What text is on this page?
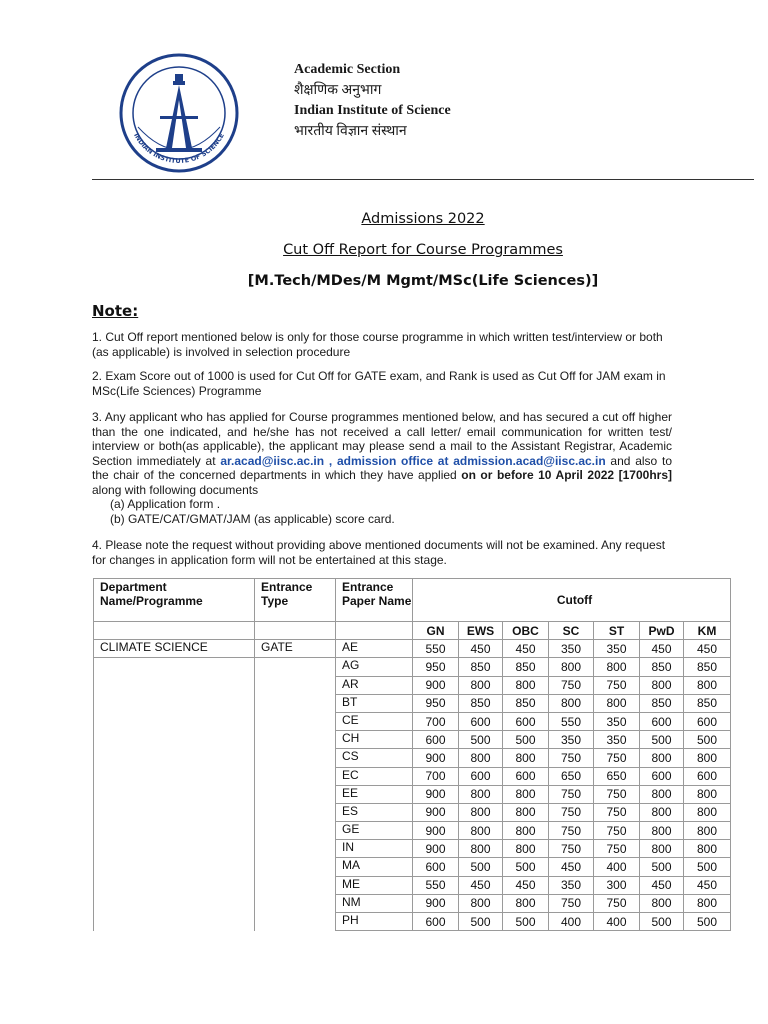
INDIAN INSTITUTE OF SCIENCE
Academic Section
शैक्षणिक अनुभाग
Indian Institute of Science
भारतीय विज्ञान संस्थान
Admissions 2022
Cut Off Report for Course Programmes
[M.Tech/MDes/M Mgmt/MSc(Life Sciences)]
Note:
1. Cut Off report mentioned below is only for those course programme in which written test/interview or both (as applicable) is involved in selection procedure
2. Exam Score out of 1000 is used for Cut Off for GATE exam, and Rank is used as Cut Off for JAM exam in MSc(Life Sciences) Programme
3. Any applicant who has applied for Course programmes mentioned below, and has secured a cut off higher than the one indicated, and he/she has not received a call letter/ email communication for written test/ interview or both(as applicable), the applicant may please send a mail to the Assistant Registrar, Academic Section immediately at ar.acad@iisc.ac.in , admission office at admission.acad@iisc.ac.in and also to the chair of the concerned departments in which they have applied on or before 10 April 2022 [1700hrs] along with following documents
(a) Application form .
(b) GATE/CAT/GMAT/JAM (as applicable) score card.
4. Please note the request without providing above mentioned documents will not be examined. Any request for changes in application form will not be entertained at this stage.
Department Name/Programme	Entrance Type	Entrance Paper Name	Cutoff						
			GN	EWS	OBC	SC	ST	PwD	KM
CLIMATE SCIENCE	GATE	AE	550	450	450	350	350	450	450
		AG	950	850	850	800	800	850	850
		AR	900	800	800	750	750	800	800
		BT	950	850	850	800	800	850	850
		CE	700	600	600	550	350	600	600
		CH	600	500	500	350	350	500	500
		CS	900	800	800	750	750	800	800
		EC	700	600	600	650	650	600	600
		EE	900	800	800	750	750	800	800
		ES	900	800	800	750	750	800	800
		GE	900	800	800	750	750	800	800
		IN	900	800	800	750	750	800	800
		MA	600	500	500	450	400	500	500
		ME	550	450	450	350	300	450	450
		NM	900	800	800	750	750	800	800
		PH	600	500	500	400	400	500	500
